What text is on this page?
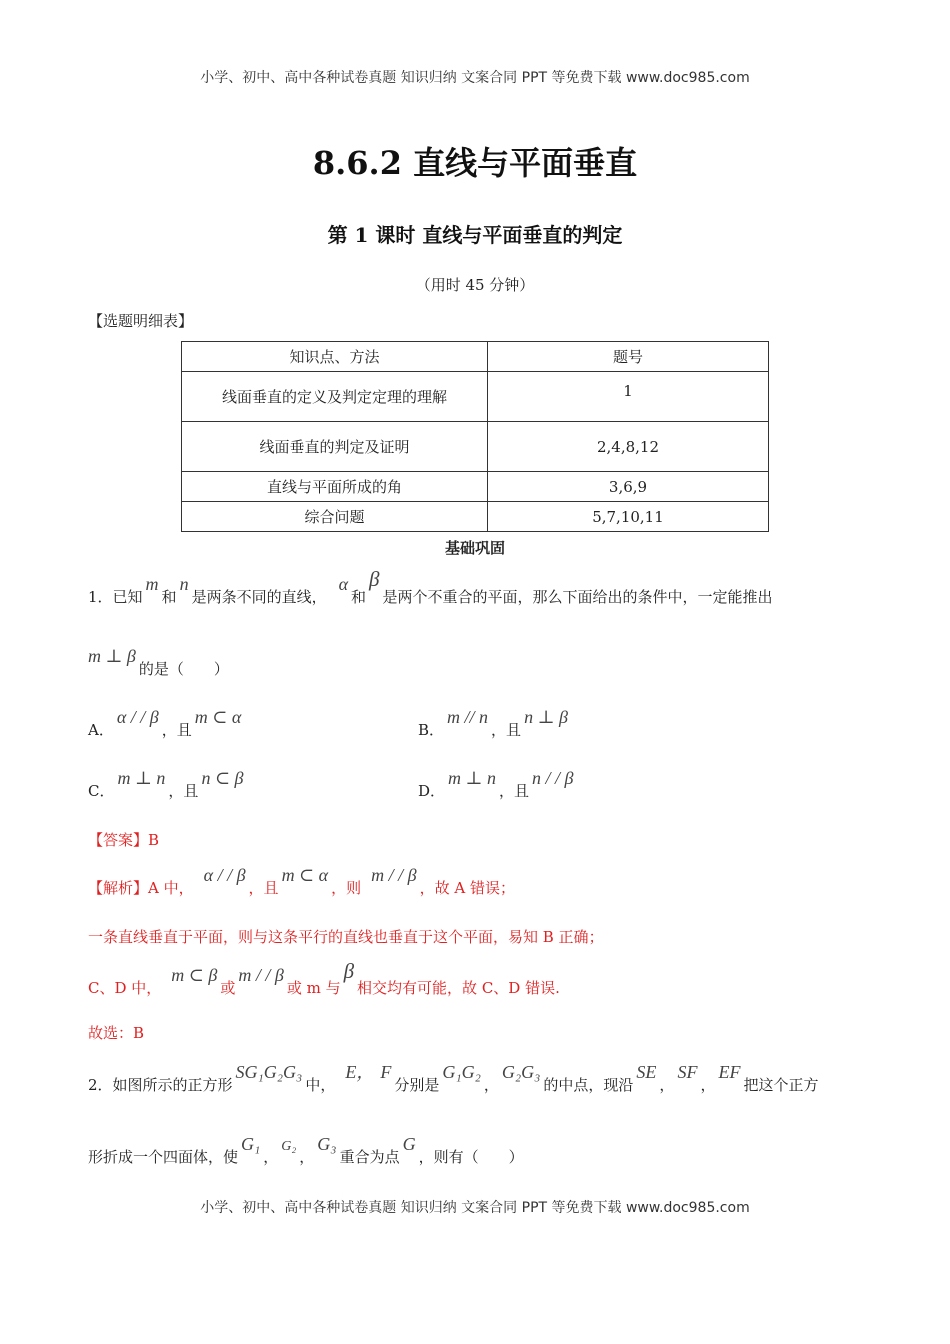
小学、初中、高中各种试卷真题 知识归纳 文案合同 PPT 等免费下载 www.doc985.com
8.6.2 直线与平面垂直
第 1 课时 直线与平面垂直的判定
（用时 45 分钟）
【选题明细表】
知识点、方法	题号
线面垂直的定义及判定定理的理解	1
线面垂直的判定及证明	2,4,8,12
直线与平面所成的角	3,6,9
综合问题	5,7,10,11
基础巩固
1．已知m和n是两条不同的直线，α和β是两个不重合的平面，那么下面给出的条件中，一定能推出
m ⊥ β的是（　　）
A．α / / β，且m ⊂ α
B．m // n，且n ⊥ β
C．m ⊥ n，且n ⊂ β
D．m ⊥ n，且n / / β
【答案】B
【解析】A 中，α / / β，且m ⊂ α，则m / / β，故 A 错误；
一条直线垂直于平面，则与这条平行的直线也垂直于这个平面，易知 B 正确；
C、D 中，m ⊂ β或m / / β或 m 与β相交均有可能，故 C、D 错误.
故选：B
2．如图所示的正方形SG₁G₂G₃中，E， F分别是G₁G₂，G₂G₃的中点，现沿SE，SF，EF把这个正方
形折成一个四面体，使G₁，G₂，G₃重合为点G，则有（　　）
小学、初中、高中各种试卷真题 知识归纳 文案合同 PPT 等免费下载 www.doc985.com
